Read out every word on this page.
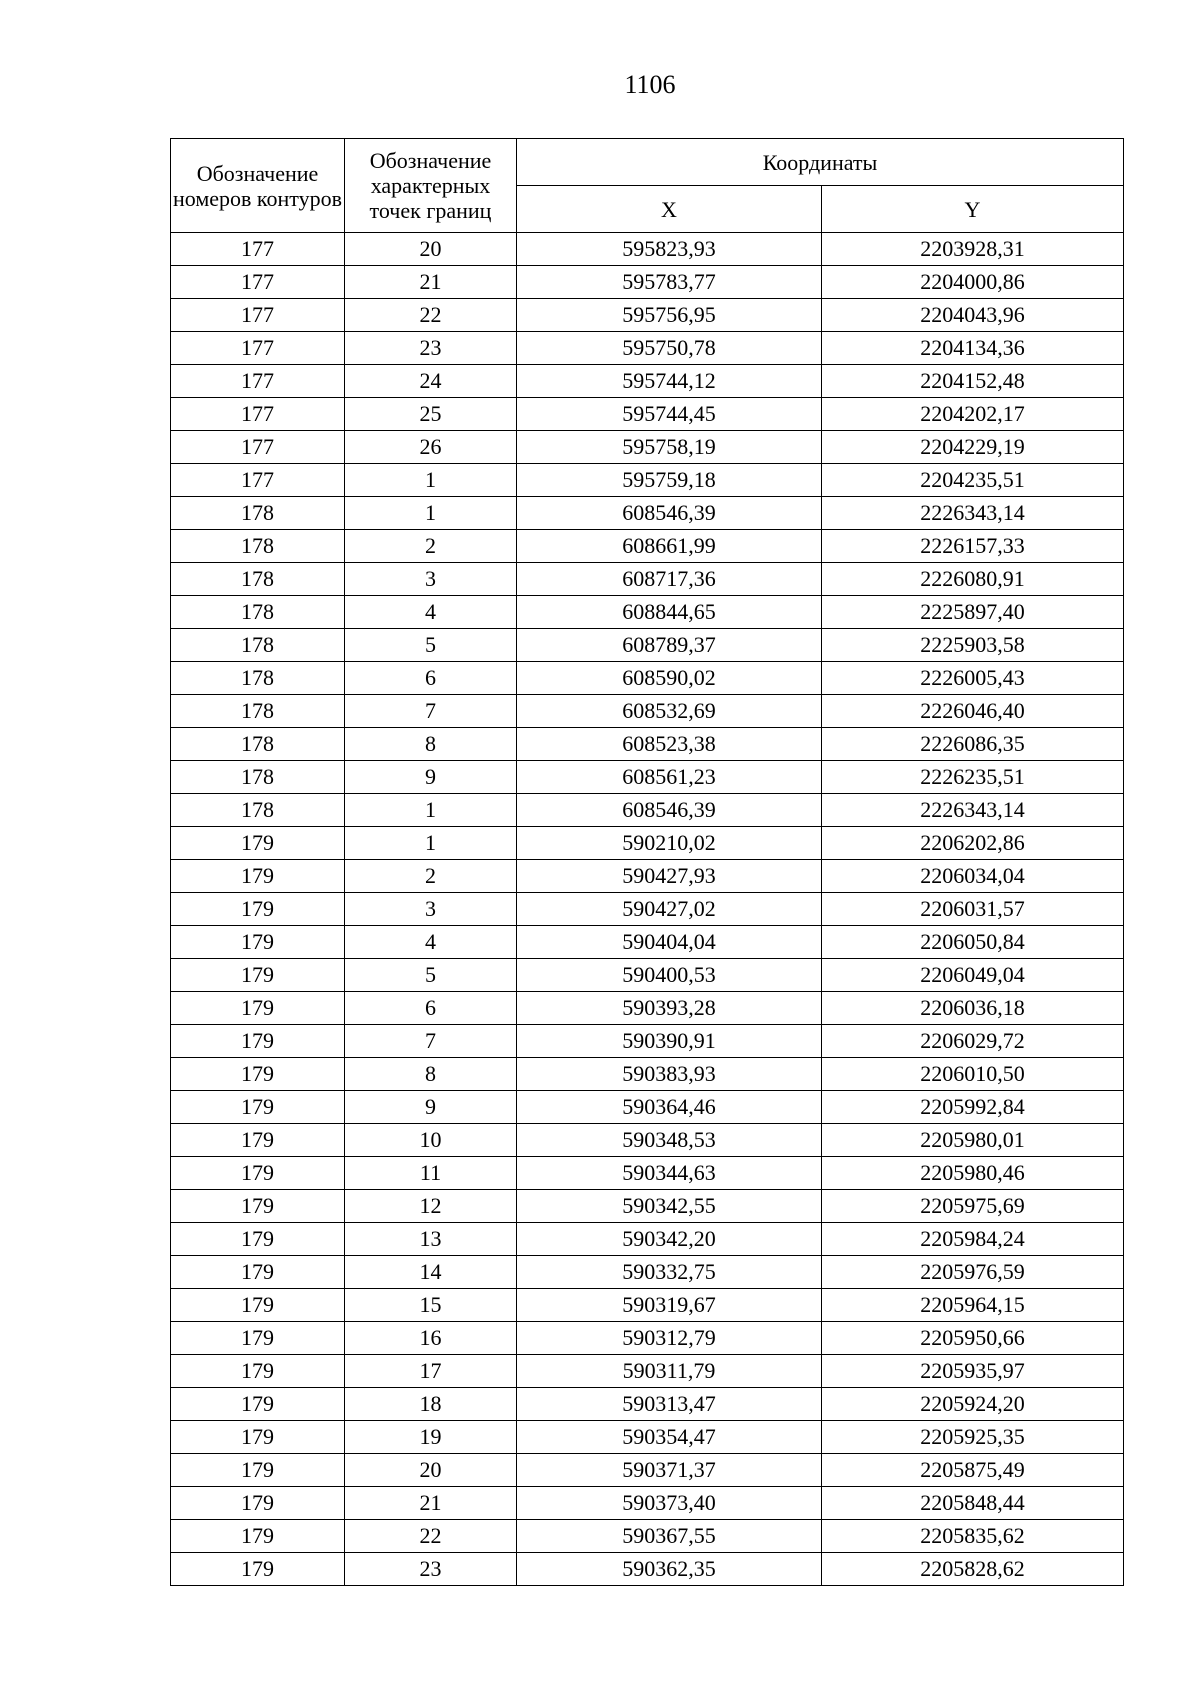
1106
Обозначение номеров контуров	Обозначение характерных точек границ	Координаты	
		X	Y
177	20	595823,93	2203928,31
177	21	595783,77	2204000,86
177	22	595756,95	2204043,96
177	23	595750,78	2204134,36
177	24	595744,12	2204152,48
177	25	595744,45	2204202,17
177	26	595758,19	2204229,19
177	1	595759,18	2204235,51
178	1	608546,39	2226343,14
178	2	608661,99	2226157,33
178	3	608717,36	2226080,91
178	4	608844,65	2225897,40
178	5	608789,37	2225903,58
178	6	608590,02	2226005,43
178	7	608532,69	2226046,40
178	8	608523,38	2226086,35
178	9	608561,23	2226235,51
178	1	608546,39	2226343,14
179	1	590210,02	2206202,86
179	2	590427,93	2206034,04
179	3	590427,02	2206031,57
179	4	590404,04	2206050,84
179	5	590400,53	2206049,04
179	6	590393,28	2206036,18
179	7	590390,91	2206029,72
179	8	590383,93	2206010,50
179	9	590364,46	2205992,84
179	10	590348,53	2205980,01
179	11	590344,63	2205980,46
179	12	590342,55	2205975,69
179	13	590342,20	2205984,24
179	14	590332,75	2205976,59
179	15	590319,67	2205964,15
179	16	590312,79	2205950,66
179	17	590311,79	2205935,97
179	18	590313,47	2205924,20
179	19	590354,47	2205925,35
179	20	590371,37	2205875,49
179	21	590373,40	2205848,44
179	22	590367,55	2205835,62
179	23	590362,35	2205828,62
